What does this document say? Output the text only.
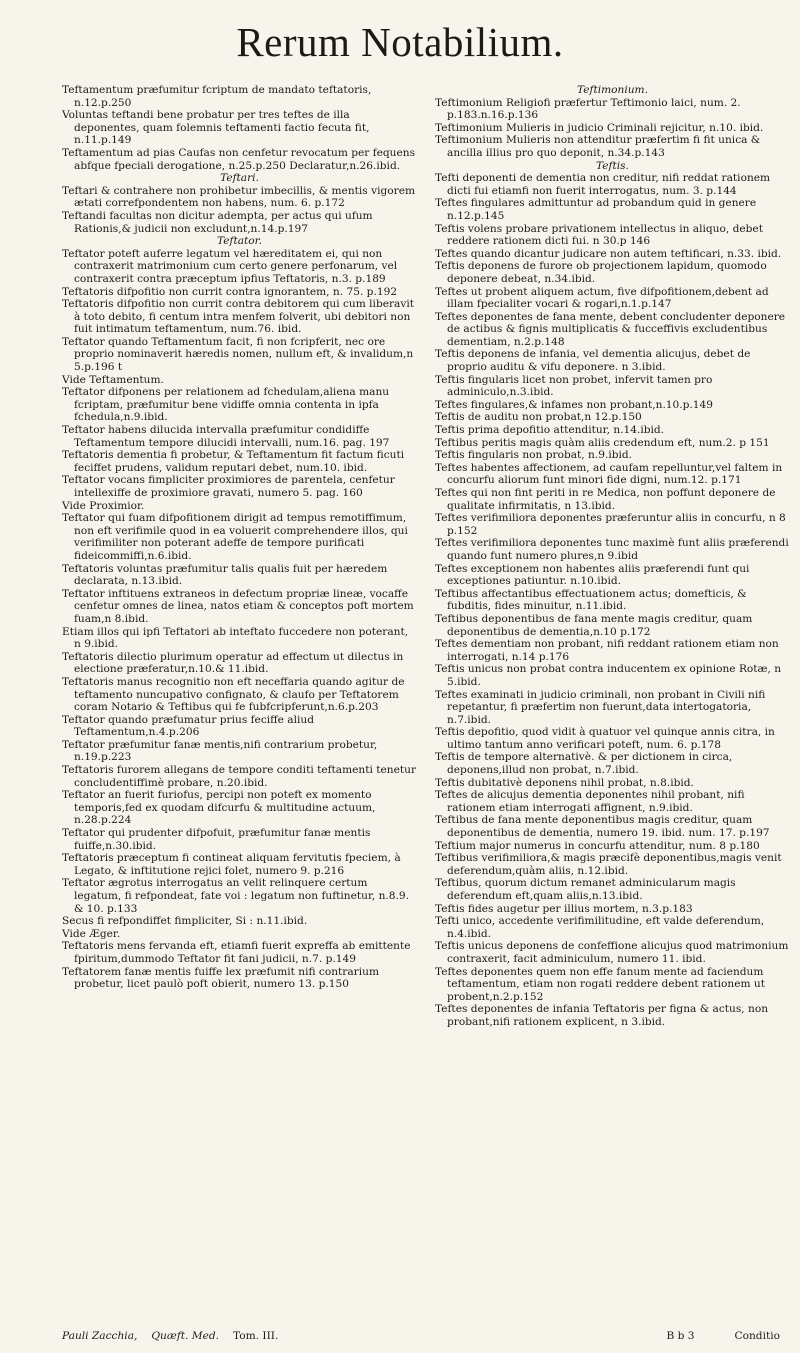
Rerum Notabilium.

Teftamentum præfumitur fcriptum de mandato teftatoris, n.12.p.250

Voluntas teftandi bene probatur per tres teftes de illa deponentes, quam folemnis teftamenti factio fecuta fit, n.11.p.149

Teftamentum ad pias Caufas non cenfetur revocatum per fequens abfque fpeciali derogatione, n.25.p.250 Declaratur,n.26.ibid.

Teftari.

Teftari & contrahere non prohibetur imbecillis, & mentis vigorem ætati correfpondentem non habens, num. 6. p.172

Teftandi facultas non dicitur adempta, per actus qui ufum Rationis,& judicii non excludunt,n.14.p.197

Teftator.

Teftator poteft auferre legatum vel hæreditatem ei, qui non contraxerit matrimonium cum certo genere perfonarum, vel contraxerit contra præceptum ipfius Teftatoris, n.3. p.189

Teftatoris difpofitio non currit contra ignorantem, n. 75. p.192

Teftatoris difpofitio non currit contra debitorem qui cum liberavit à toto debito, fi centum intra menfem folverit, ubi debitori non fuit intimatum teftamentum, num.76. ibid.

Teftator quando Teftamentum facit, fi non fcripferit, nec ore proprio nominaverit hæredis nomen, nullum eft, & invalidum,n 5.p.196 t

Vide Teftamentum.

Teftator difponens per relationem ad fchedulam,aliena manu fcriptam, præfumitur bene vidiffe omnia contenta in ipfa fchedula,n.9.ibid.

Teftator habens dilucida intervalla præfumitur condidiffe Teftamentum tempore dilucidi intervalli, num.16. pag. 197

Teftatoris dementia fi probetur, & Teftamentum fit factum ficuti feciffet prudens, validum reputari debet, num.10. ibid.

Teftator vocans fimpliciter proximiores de parentela, cenfetur intellexiffe de proximiore gravati, numero 5. pag. 160

Vide Proximior.

Teftator qui fuam difpofitionem dirigit ad tempus remotiffimum, non eft verifimile quod in ea voluerit comprehendere illos, qui verifimiliter non poterant adeffe de tempore purificati fideicommiffi,n.6.ibid.

Teftatoris voluntas præfumitur talis qualis fuit per hæredem declarata, n.13.ibid.

Teftator inftituens extraneos in defectum propriæ lineæ, vocaffe cenfetur omnes de linea, natos etiam & conceptos poft mortem fuam,n 8.ibid.

Etiam illos qui ipfi Teftatori ab inteftato fuccedere non poterant, n 9.ibid.

Teftatoris dilectio plurimum operatur ad effectum ut dilectus in electione præferatur,n.10.& 11.ibid.

Teftatoris manus recognitio non eft neceffaria quando agitur de teftamento nuncupativo confignato, & claufo per Teftatorem coram Notario & Teftibus qui fe fubfcripferunt,n.6.p.203

Teftator quando præfumatur prius feciffe aliud Teftamentum,n.4.p.206

Teftator præfumitur fanæ mentis,nifi contrarium probetur, n.19.p.223

Teftatoris furorem allegans de tempore conditi teftamenti tenetur concludentiffimè probare, n.20.ibid.

Teftator an fuerit furiofus, percipi non poteft ex momento temporis,fed ex quodam difcurfu & multitudine actuum, n.28.p.224

Teftator qui prudenter difpofuit, præfumitur fanæ mentis fuiffe,n.30.ibid.

Teftatoris præceptum fi contineat aliquam fervitutis fpeciem, à Legato, & inftitutione rejici folet, numero 9. p.216

Teftator ægrotus interrogatus an velit relinquere certum legatum, fi refpondeat, fate voi : legatum non fuftinetur, n.8.9. & 10. p.133

Secus fi refpondiffet fimpliciter, Si : n.11.ibid.

Vide Æger.

Teftatoris mens fervanda eft, etiamfi fuerit expreffa ab emittente fpiritum,dummodo Teftator fit fani judicii, n.7. p.149

Teftatorem fanæ mentis fuiffe lex præfumit nifi contrarium probetur, licet paulò poft obierit, numero 13. p.150

Teftimonium.

Teftimonium Religiofi præfertur Teftimonio laici, num. 2. p.183.n.16.p.136

Teftimonium Mulieris in judicio Criminali rejicitur, n.10. ibid.

Teftimonium Mulieris non attenditur præfertim fi fit unica & ancilla illius pro quo deponit, n.34.p.143

Teftis.

Tefti deponenti de dementia non creditur, nifi reddat rationem dicti fui etiamfi non fuerit interrogatus, num. 3. p.144

Teftes fingulares admittuntur ad probandum quid in genere n.12.p.145

Teftis volens probare privationem intellectus in aliquo, debet reddere rationem dicti fui. n 30.p 146

Teftes quando dicantur judicare non autem teftificari, n.33. ibid.

Teftis deponens de furore ob projectionem lapidum, quomodo deponere debeat, n.34.ibid.

Teftes ut probent aliquem actum, five difpofitionem,debent ad illam fpecialiter vocari & rogari,n.1.p.147

Teftes deponentes de fana mente, debent concludenter deponere de actibus & fignis multiplicatis & fucceffivis excludentibus dementiam, n.2.p.148

Teftis deponens de infania, vel dementia alicujus, debet de proprio auditu & vifu deponere. n 3.ibid.

Teftis fingularis licet non probet, infervit tamen pro adminiculo,n.3.ibid.

Teftes fingulares,& infames non probant,n.10.p.149

Teftis de auditu non probat,n 12.p.150

Teftis prima depofitio attenditur, n.14.ibid.

Teftibus peritis magis quàm aliis credendum eft, num.2. p 151

Teftis fingularis non probat, n.9.ibid.

Teftes habentes affectionem, ad caufam repelluntur,vel faltem in concurfu aliorum funt minori fide digni, num.12. p.171

Teftes qui non fint periti in re Medica, non poffunt deponere de qualitate infirmitatis, n 13.ibid.

Teftes verifimiliora deponentes præferuntur aliis in concurfu, n 8 p.152

Teftes verifimiliora deponentes tunc maximè funt aliis præferendi quando funt numero plures,n 9.ibid

Teftes exceptionem non habentes aliis præferendi funt qui exceptiones patiuntur. n.10.ibid.

Teftibus affectantibus effectuationem actus; domefticis, & fubditis, fides minuitur, n.11.ibid.

Teftibus deponentibus de fana mente magis creditur, quam deponentibus de dementia,n.10 p.172

Teftes dementiam non probant, nifi reddant rationem etiam non interrogati, n.14 p.176

Teftis unicus non probat contra inducentem ex opinione Rotæ, n 5.ibid.

Teftes examinati in judicio criminali, non probant in Civili nifi repetantur, fi præfertim non fuerunt,data intertogatoria, n.7.ibid.

Teftis depofitio, quod vidit à quatuor vel quinque annis citra, in ultimo tantum anno verificari poteft, num. 6. p.178

Teftis de tempore alternativè. & per dictionem in circa, deponens,illud non probat, n.7.ibid.

Teftis dubitativè deponens nihil probat, n.8.ibid.

Teftes de alicujus dementia deponentes nihil probant, nifi rationem etiam interrogati affignent, n.9.ibid.

Teftibus de fana mente deponentibus magis creditur, quam deponentibus de dementia, numero 19. ibid. num. 17. p.197

Teftium major numerus in concurfu attenditur, num. 8 p.180

Teftibus verifimiliora,& magis præcifè deponentibus,magis venit deferendum,quàm aliis, n.12.ibid.

Teftibus, quorum dictum remanet adminicularum magis deferendum eft,quam aliis,n.13.ibid.

Teftis fides augetur per illius mortem, n.3.p.183

Tefti unico, accedente verifimilitudine, eft valde deferendum, n.4.ibid.

Teftis unicus deponens de confeffione alicujus quod matrimonium contraxerit, facit adminiculum, numero 11. ibid.

Teftes deponentes quem non effe fanum mente ad faciendum teftamentum, etiam non rogati reddere debent rationem ut probent,n.2.p.152

Teftes deponentes de infania Teftatoris per figna & actus, non probant,nifi rationem explicent, n 3.ibid.

Pauli Zacchia, Quæft. Med. Tom. III.	B b 3	Conditio
